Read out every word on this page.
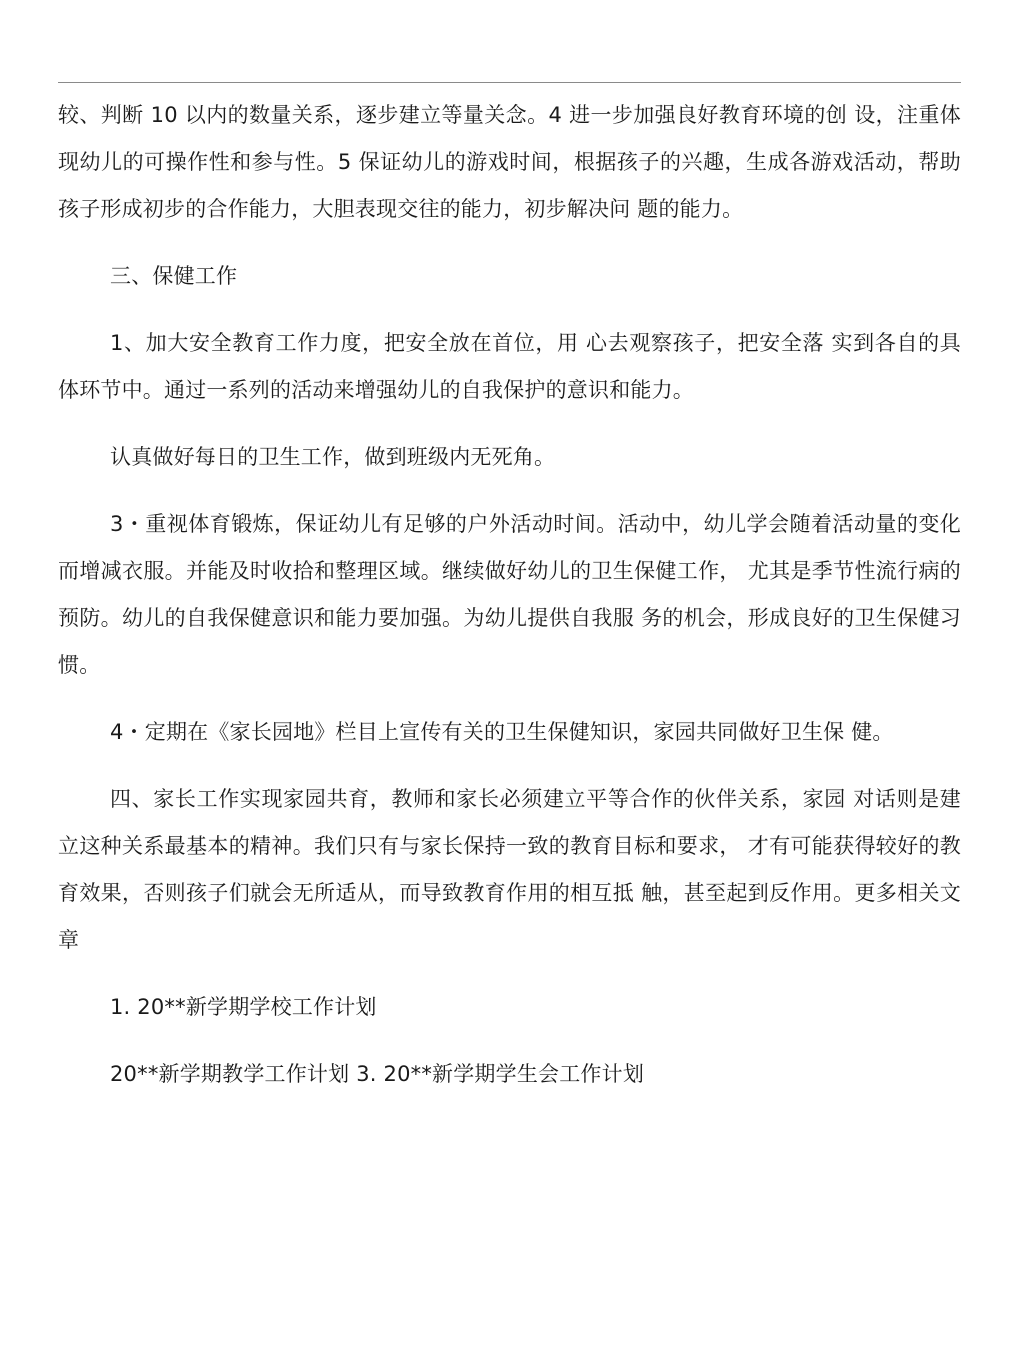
较、判断 10 以内的数量关系，逐步建立等量关念。4 进一步加强良好教育环境的创 设，注重体现幼儿的可操作性和参与性。5 保证幼儿的游戏时间，根据孩子的兴趣，生成各游戏活动，帮助孩子形成初步的合作能力，大胆表现交往的能力，初步解决问 题的能力。

三、保健工作

1、加大安全教育工作力度，把安全放在首位，用 心去观察孩子，把安全落 实到各自的具体环节中。通过一系列的活动来增强幼儿的自我保护的意识和能力。

认真做好每日的卫生工作，做到班级内无死角。

3・重视体育锻炼，保证幼儿有足够的户外活动时间。活动中，幼儿学会随着活动量的变化而增减衣服。并能及时收拾和整理区域。继续做好幼儿的卫生保健工作， 尤其是季节性流行病的预防。幼儿的自我保健意识和能力要加强。为幼儿提供自我服 务的机会，形成良好的卫生保健习惯。

4・定期在《家长园地》栏目上宣传有关的卫生保健知识，家园共同做好卫生保 健。

四、家长工作实现家园共育，教师和家长必须建立平等合作的伙伴关系，家园 对话则是建立这种关系最基本的精神。我们只有与家长保持一致的教育目标和要求， 才有可能获得较好的教育效果，否则孩子们就会无所适从，而导致教育作用的相互抵 触，甚至起到反作用。更多相关文章

1. 20**新学期学校工作计划

20**新学期教学工作计划 3. 20**新学期学生会工作计划
